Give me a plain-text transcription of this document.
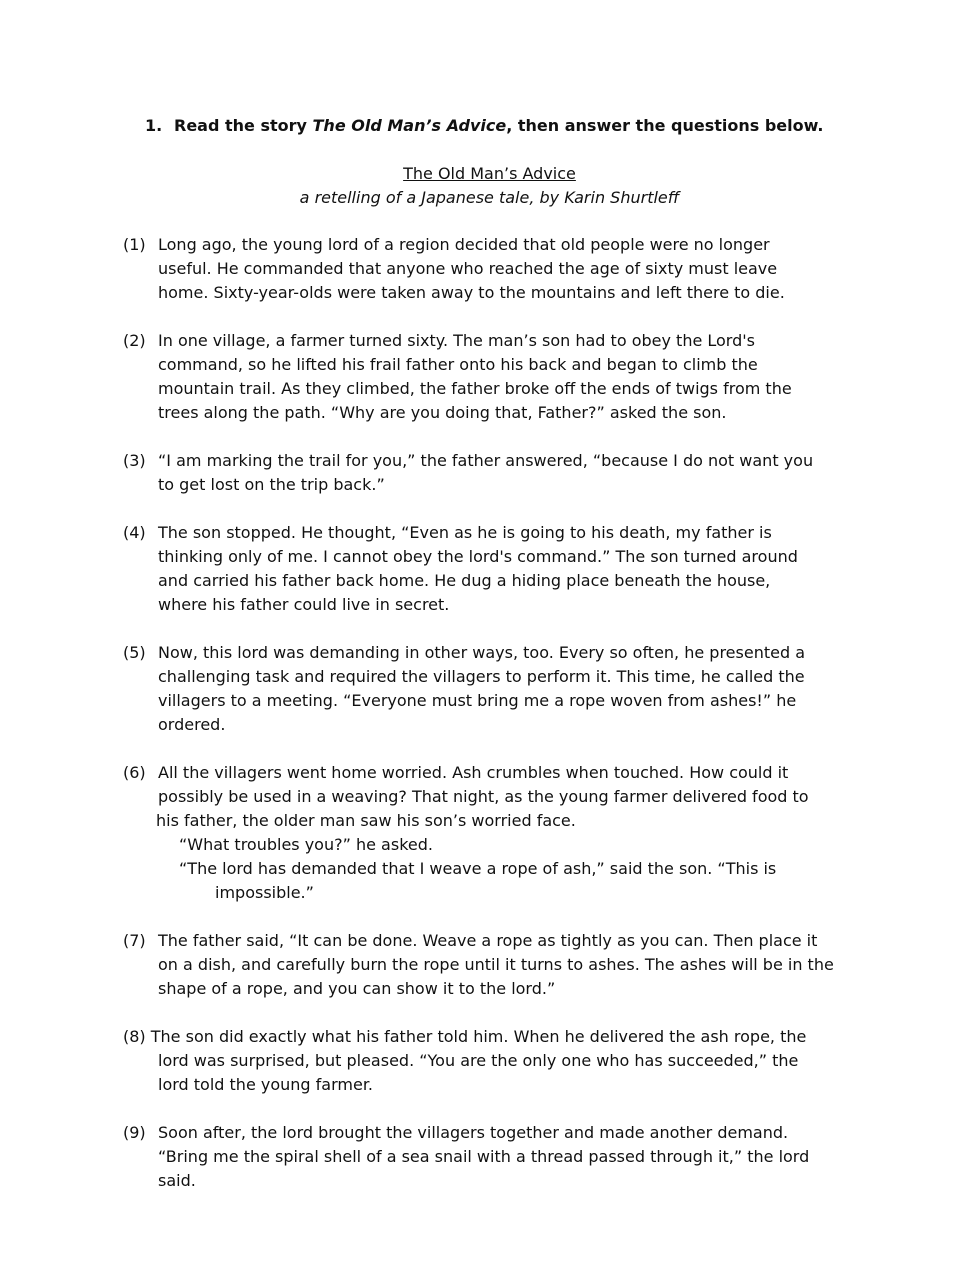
1. Read the story The Old Man’s Advice, then answer the questions below.
The Old Man’s Advice
a retelling of a Japanese tale, by Karin Shurtleff
(1) Long ago, the young lord of a region decided that old people were no longer
useful. He commanded that anyone who reached the age of sixty must leave
home. Sixty-year-olds were taken away to the mountains and left there to die.
(2) In one village, a farmer turned sixty. The man’s son had to obey the Lord's
command, so he lifted his frail father onto his back and began to climb the
mountain trail. As they climbed, the father broke off the ends of twigs from the
trees along the path. “Why are you doing that, Father?” asked the son.
(3) “I am marking the trail for you,” the father answered, “because I do not want you
to get lost on the trip back.”
(4) The son stopped. He thought, “Even as he is going to his death, my father is
thinking only of me. I cannot obey the lord's command.” The son turned around
and carried his father back home. He dug a hiding place beneath the house,
where his father could live in secret.
(5) Now, this lord was demanding in other ways, too. Every so often, he presented a
challenging task and required the villagers to perform it. This time, he called the
villagers to a meeting. “Everyone must bring me a rope woven from ashes!” he
ordered.
(6) All the villagers went home worried. Ash crumbles when touched. How could it
possibly be used in a weaving? That night, as the young farmer delivered food to
his father, the older man saw his son’s worried face.
“What troubles you?” he asked.
“The lord has demanded that I weave a rope of ash,” said the son. “This is
impossible.”
(7) The father said, “It can be done. Weave a rope as tightly as you can. Then place it
on a dish, and carefully burn the rope until it turns to ashes. The ashes will be in the
shape of a rope, and you can show it to the lord.”
(8) The son did exactly what his father told him. When he delivered the ash rope, the
lord was surprised, but pleased. “You are the only one who has succeeded,” the
lord told the young farmer.
(9) Soon after, the lord brought the villagers together and made another demand.
“Bring me the spiral shell of a sea snail with a thread passed through it,” the lord
said.
